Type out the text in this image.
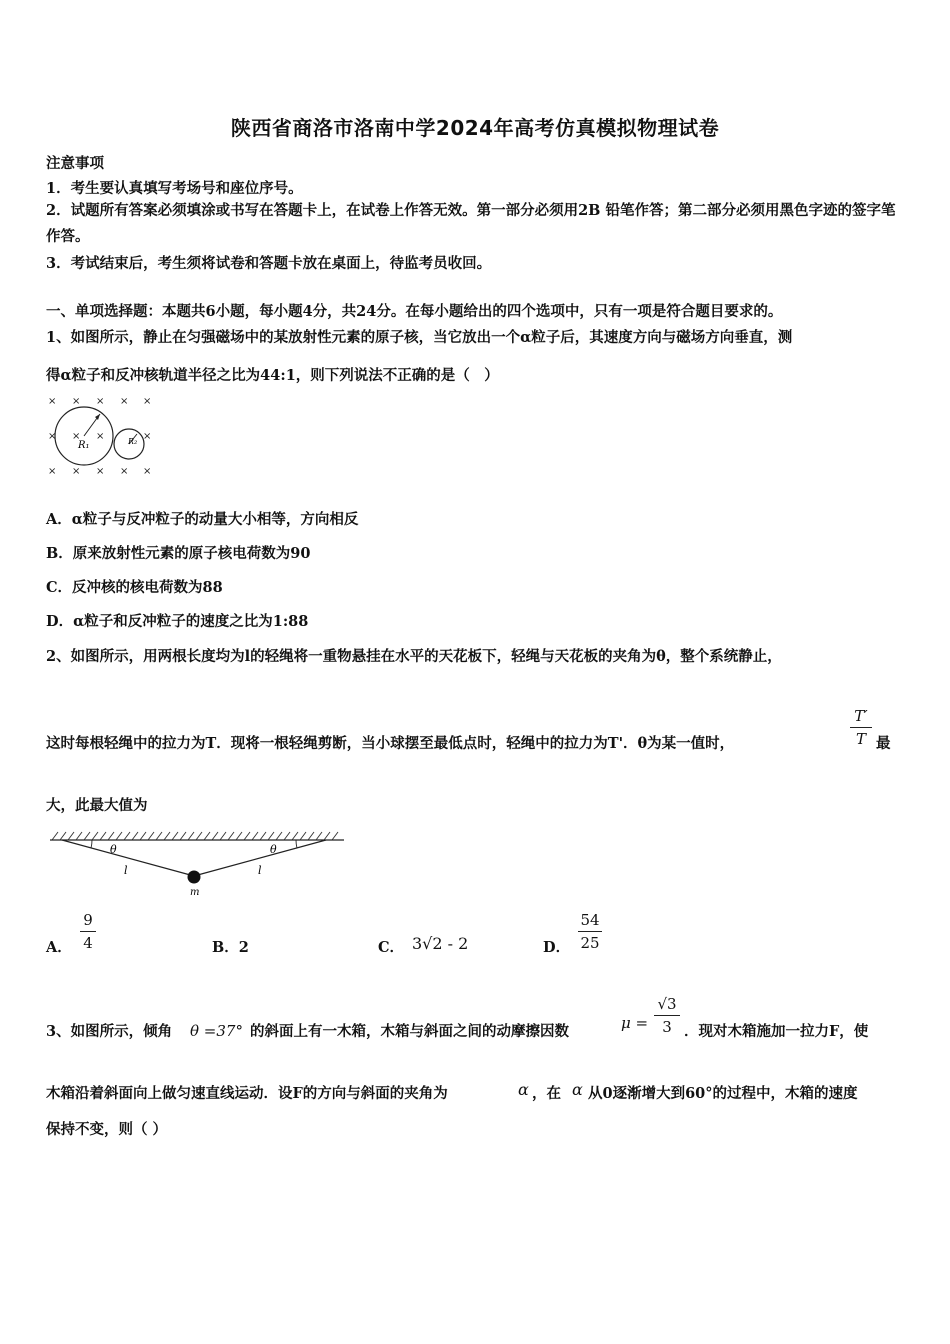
陕西省商洛市洛南中学2024年高考仿真模拟物理试卷
注意事项
1．考生要认真填写考场号和座位序号。
2．试题所有答案必须填涂或书写在答题卡上，在试卷上作答无效。第一部分必须用2B 铅笔作答；第二部分必须用黑色字迹的签字笔作答。
3．考试结束后，考生须将试卷和答题卡放在桌面上，待监考员收回。
一、单项选择题：本题共6小题，每小题4分，共24分。在每小题给出的四个选项中，只有一项是符合题目要求的。
1、如图所示，静止在匀强磁场中的某放射性元素的原子核，当它放出一个α粒子后，其速度方向与磁场方向垂直，测
得α粒子和反冲核轨道半径之比为44:1，则下列说法不正确的是（　）
× × × × ×
× × ×	×
× × × × ×
R₁	R₂
A．α粒子与反冲粒子的动量大小相等，方向相反
B．原来放射性元素的原子核电荷数为90
C．反冲核的核电荷数为88
D．α粒子和反冲粒子的速度之比为1:88
2、如图所示，用两根长度均为l的轻绳将一重物悬挂在水平的天花板下，轻绳与天花板的夹角为θ，整个系统静止，
这时每根轻绳中的拉力为T．现将一根轻绳剪断，当小球摆至最低点时，轻绳中的拉力为T'．θ为某一值时，
T′
T 最
大，此最大值为
θ	θ
l	l
m
A．
9
4	B．2	C． 3√2 - 2	D．
54
25
3、如图所示，倾角 θ =37° 的斜面上有一木箱，木箱与斜面之间的动摩擦因数	μ =
√3
3 ．现对木箱施加一拉力F，使
木箱沿着斜面向上做匀速直线运动．设F的方向与斜面的夹角为	α ，在 α 从0逐渐增大到60°的过程中，木箱的速度
保持不变，则（ ）
